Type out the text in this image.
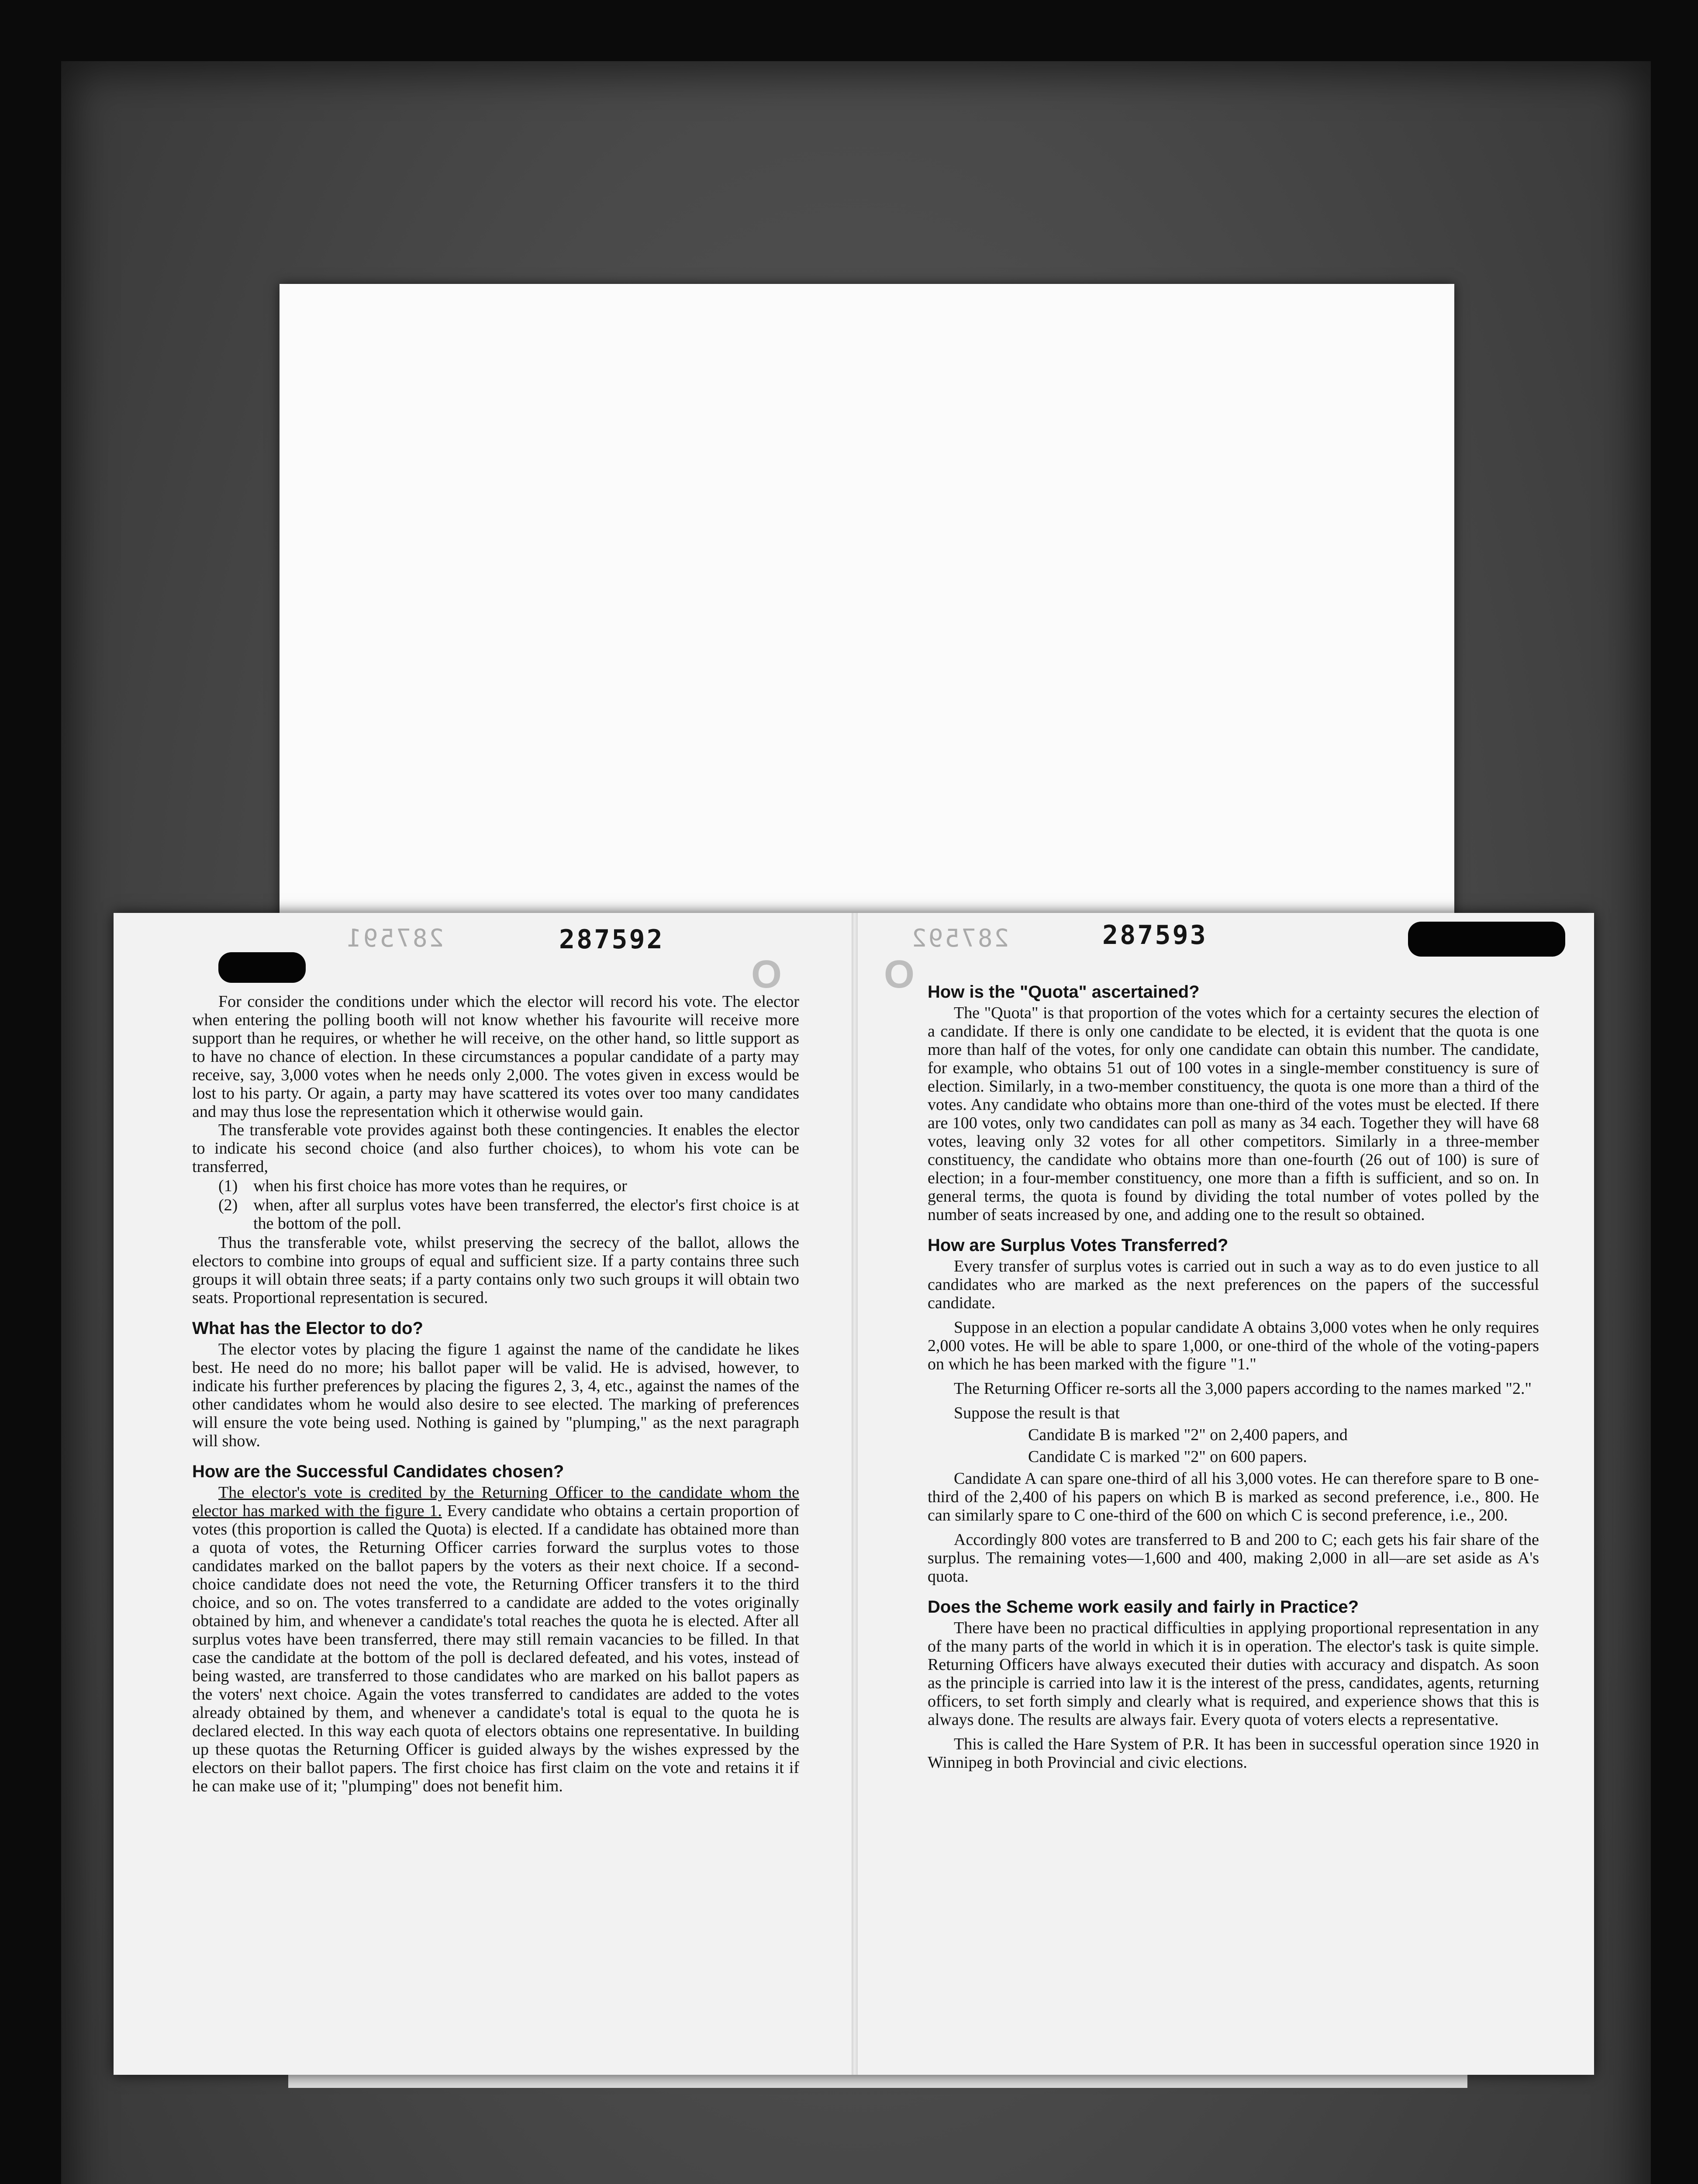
287591	287592
O

For consider the conditions under which the elector will record his vote. The elector when entering the polling booth will not know whether his favourite will receive more support than he requires, or whether he will receive, on the other hand, so little support as to have no chance of election. In these circumstances a popular candidate of a party may receive, say, 3,000 votes when he needs only 2,000. The votes given in excess would be lost to his party. Or again, a party may have scattered its votes over too many candidates and may thus lose the representation which it otherwise would gain.

The transferable vote provides against both these contingencies. It enables the elector to indicate his second choice (and also further choices), to whom his vote can be transferred,

(1) when his first choice has more votes than he requires, or
(2) when, after all surplus votes have been transferred, the elector's first choice is at the bottom of the poll.

Thus the transferable vote, whilst preserving the secrecy of the ballot, allows the electors to combine into groups of equal and sufficient size. If a party contains three such groups it will obtain three seats; if a party contains only two such groups it will obtain two seats. Proportional representation is secured.

What has the Elector to do?

The elector votes by placing the figure 1 against the name of the candidate he likes best. He need do no more; his ballot paper will be valid. He is advised, however, to indicate his further preferences by placing the figures 2, 3, 4, etc., against the names of the other candidates whom he would also desire to see elected. The marking of preferences will ensure the vote being used. Nothing is gained by "plumping," as the next paragraph will show.

How are the Successful Candidates chosen?

The elector's vote is credited by the Returning Officer to the candidate whom the elector has marked with the figure 1. Every candidate who obtains a certain proportion of votes (this proportion is called the Quota) is elected. If a candidate has obtained more than a quota of votes, the Returning Officer carries forward the surplus votes to those candidates marked on the ballot papers by the voters as their next choice. If a second-choice candidate does not need the vote, the Returning Officer transfers it to the third choice, and so on. The votes transferred to a candidate are added to the votes originally obtained by him, and whenever a candidate's total reaches the quota he is elected. After all surplus votes have been transferred, there may still remain vacancies to be filled. In that case the candidate at the bottom of the poll is declared defeated, and his votes, instead of being wasted, are transferred to those candidates who are marked on his ballot papers as the voters' next choice. Again the votes transferred to candidates are added to the votes already obtained by them, and whenever a candidate's total is equal to the quota he is declared elected. In this way each quota of electors obtains one representative. In building up these quotas the Returning Officer is guided always by the wishes expressed by the electors on their ballot papers. The first choice has first claim on the vote and retains it if he can make use of it; "plumping" does not benefit him.

287592	287593
O How is the "Quota" ascertained?

The "Quota" is that proportion of the votes which for a certainty secures the election of a candidate. If there is only one candidate to be elected, it is evident that the quota is one more than half of the votes, for only one candidate can obtain this number. The candidate, for example, who obtains 51 out of 100 votes in a single-member constituency is sure of election. Similarly, in a two-member constituency, the quota is one more than a third of the votes. Any candidate who obtains more than one-third of the votes must be elected. If there are 100 votes, only two candidates can poll as many as 34 each. Together they will have 68 votes, leaving only 32 votes for all other competitors. Similarly in a three-member constituency, the candidate who obtains more than one-fourth (26 out of 100) is sure of election; in a four-member constituency, one more than a fifth is sufficient, and so on. In general terms, the quota is found by dividing the total number of votes polled by the number of seats increased by one, and adding one to the result so obtained.

How are Surplus Votes Transferred?

Every transfer of surplus votes is carried out in such a way as to do even justice to all candidates who are marked as the next preferences on the papers of the successful candidate.

Suppose in an election a popular candidate A obtains 3,000 votes when he only requires 2,000 votes. He will be able to spare 1,000, or one-third of the whole of the voting-papers on which he has been marked with the figure "1."

The Returning Officer re-sorts all the 3,000 papers according to the names marked "2."

Suppose the result is that

Candidate B is marked "2" on 2,400 papers, and
Candidate C is marked "2" on 600 papers.

Candidate A can spare one-third of all his 3,000 votes. He can therefore spare to B one-third of the 2,400 of his papers on which B is marked as second preference, i.e., 800. He can similarly spare to C one-third of the 600 on which C is second preference, i.e., 200.

Accordingly 800 votes are transferred to B and 200 to C; each gets his fair share of the surplus. The remaining votes—1,600 and 400, making 2,000 in all—are set aside as A's quota.

Does the Scheme work easily and fairly in Practice?

There have been no practical difficulties in applying proportional representation in any of the many parts of the world in which it is in operation. The elector's task is quite simple. Returning Officers have always executed their duties with accuracy and dispatch. As soon as the principle is carried into law it is the interest of the press, candidates, agents, returning officers, to set forth simply and clearly what is required, and experience shows that this is always done. The results are always fair. Every quota of voters elects a representative.

This is called the Hare System of P.R. It has been in successful operation since 1920 in Winnipeg in both Provincial and civic elections.
